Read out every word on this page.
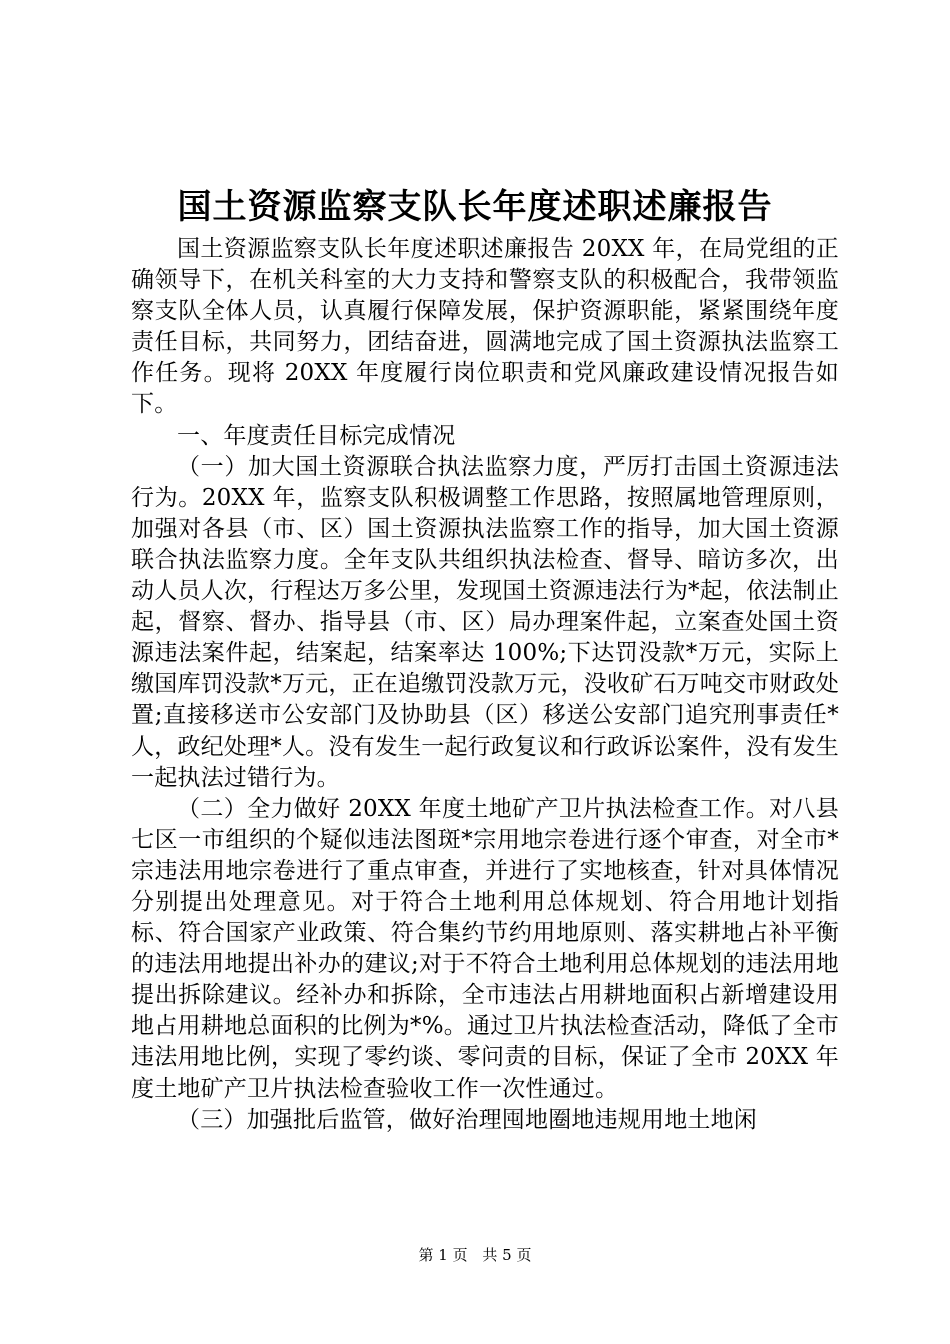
国土资源监察支队长年度述职述廉报告

国土资源监察支队长年度述职述廉报告 20XX 年，在局党组的正确领导下，在机关科室的大力支持和警察支队的积极配合，我带领监察支队全体人员，认真履行保障发展，保护资源职能，紧紧围绕年度责任目标，共同努力，团结奋进，圆满地完成了国土资源执法监察工作任务。现将 20XX 年度履行岗位职责和党风廉政建设情况报告如下。

一、年度责任目标完成情况

（一）加大国土资源联合执法监察力度，严厉打击国土资源违法行为。20XX 年，监察支队积极调整工作思路，按照属地管理原则，加强对各县（市、区）国土资源执法监察工作的指导，加大国土资源联合执法监察力度。全年支队共组织执法检查、督导、暗访多次，出动人员人次，行程达万多公里，发现国土资源违法行为*起，依法制止起，督察、督办、指导县（市、区）局办理案件起，立案查处国土资源违法案件起，结案起，结案率达 100%;下达罚没款*万元，实际上缴国库罚没款*万元，正在追缴罚没款万元，没收矿石万吨交市财政处置;直接移送市公安部门及协助县（区）移送公安部门追究刑事责任*人，政纪处理*人。没有发生一起行政复议和行政诉讼案件，没有发生一起执法过错行为。

（二）全力做好 20XX 年度土地矿产卫片执法检查工作。对八县七区一市组织的个疑似违法图斑*宗用地宗卷进行逐个审查，对全市*宗违法用地宗卷进行了重点审查，并进行了实地核查，针对具体情况分别提出处理意见。对于符合土地利用总体规划、符合用地计划指标、符合国家产业政策、符合集约节约用地原则、落实耕地占补平衡的违法用地提出补办的建议;对于不符合土地利用总体规划的违法用地提出拆除建议。经补办和拆除，全市违法占用耕地面积占新增建设用地占用耕地总面积的比例为*%。通过卫片执法检查活动，降低了全市违法用地比例，实现了零约谈、零问责的目标，保证了全市 20XX 年度土地矿产卫片执法检查验收工作一次性通过。

（三）加强批后监管，做好治理囤地圈地违规用地土地闲

第 1 页 共 5 页
